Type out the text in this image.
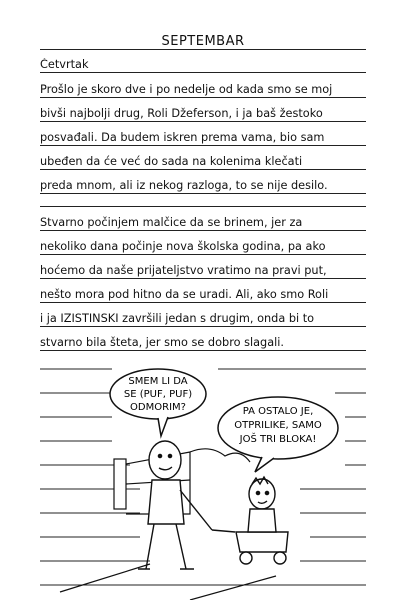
SEPTEMBAR
Četvrtak
Prošlo je skoro dve i po nedelje od kada smo se moj
bivši najbolji drug, Roli Džeferson, i ja baš žestoko
posvađali. Da budem iskren prema vama, bio sam
ubeđen da će već do sada na kolenima klečati
preda mnom, ali iz nekog razloga, to se nije desilo.
Stvarno počinjem malčice da se brinem, jer za
nekoliko dana počinje nova školska godina, pa ako
hoćemo da naše prijateljstvo vratimo na pravi put,
nešto mora pod hitno da se uradi. Ali, ako smo Roli
i ja IZISTINSKI završili jedan s drugim, onda bi to
stvarno bila šteta, jer smo se dobro slagali.
SMEM LI DA
SE (PUF, PUF)
ODMORIM?	PA OSTALO JE,
OTPRILIKE, SAMO
JOŠ TRI BLOKA!
